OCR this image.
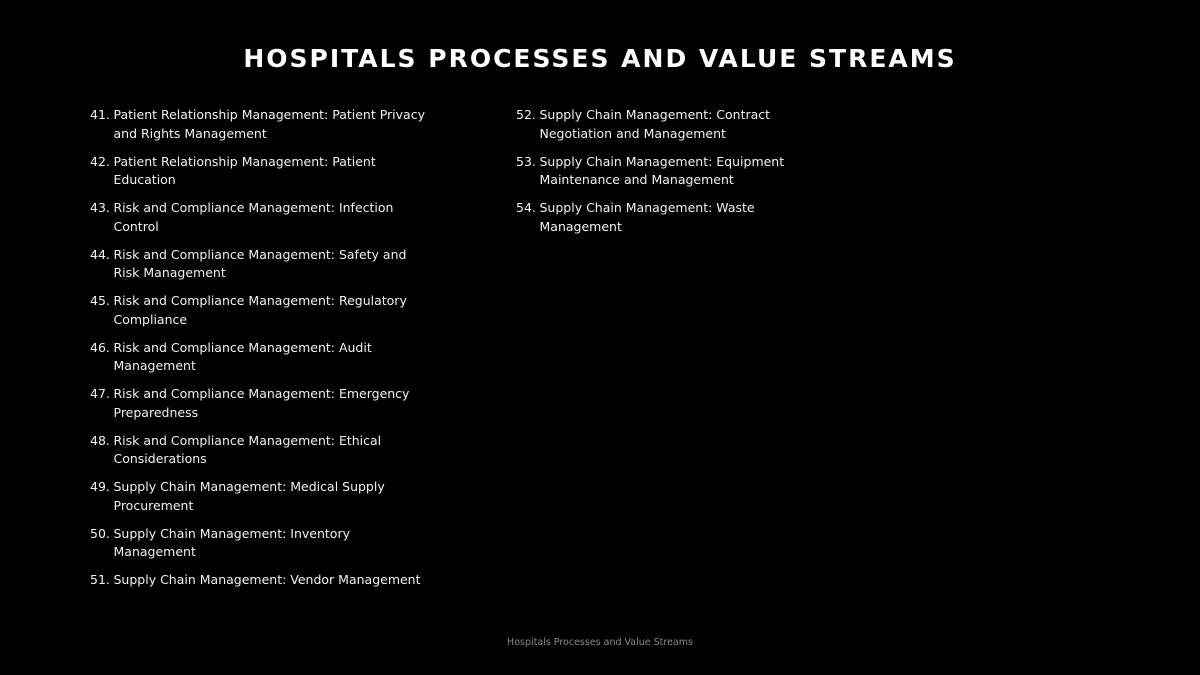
HOSPITALS PROCESSES AND VALUE STREAMS
41. Patient Relationship Management: Patient Privacy and Rights Management
42. Patient Relationship Management: Patient Education
43. Risk and Compliance Management: Infection Control
44. Risk and Compliance Management: Safety and Risk Management
45. Risk and Compliance Management: Regulatory Compliance
46. Risk and Compliance Management: Audit Management
47. Risk and Compliance Management: Emergency Preparedness
48. Risk and Compliance Management: Ethical Considerations
49. Supply Chain Management: Medical Supply Procurement
50. Supply Chain Management: Inventory Management
51. Supply Chain Management: Vendor Management
52. Supply Chain Management: Contract Negotiation and Management
53. Supply Chain Management: Equipment Maintenance and Management
54. Supply Chain Management: Waste Management
Hospitals Processes and Value Streams
